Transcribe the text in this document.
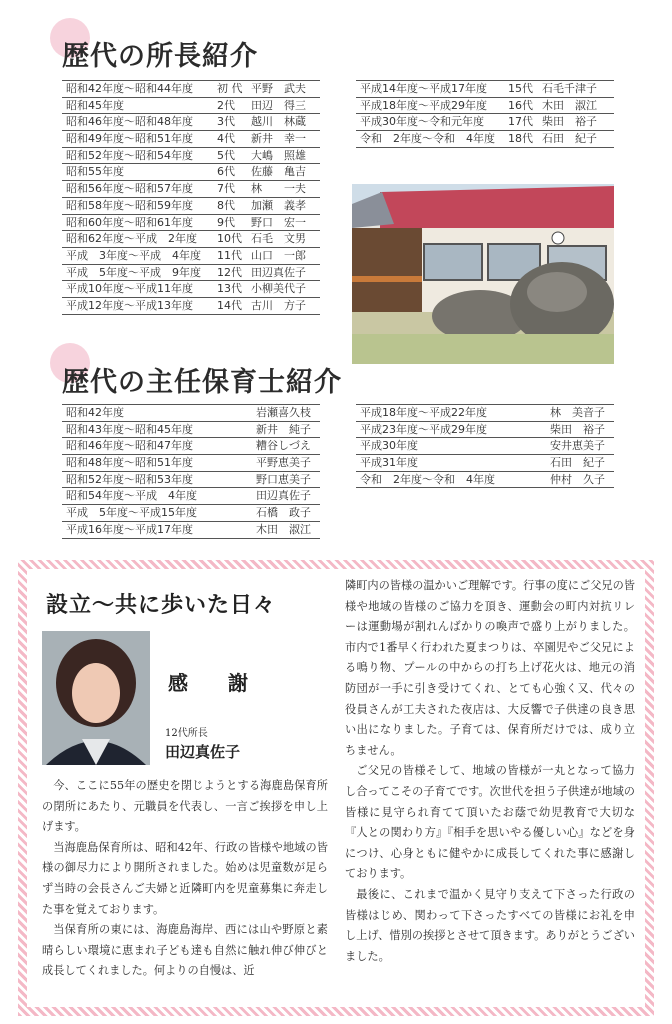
歴代の所長紹介
昭和42年度～昭和44年度	初 代 平野　武夫
昭和45年度	2代	田辺　得三
昭和46年度～昭和48年度	3代	越川　林蔵
昭和49年度～昭和51年度	4代	新井　幸一
昭和52年度～昭和54年度	5代	大嶋　照雄
昭和55年度	6代	佐藤　亀吉
昭和56年度～昭和57年度	7代	林　　一夫
昭和58年度～昭和59年度	8代	加瀬　義孝
昭和60年度～昭和61年度	9代	野口　宏一
昭和62年度～平成　2年度	10代 石毛　文男
平成　3年度～平成　4年度	11代 山口　一郎
平成　5年度～平成　9年度	12代 田辺真佐子
平成10年度～平成11年度	13代 小柳美代子
平成12年度～平成13年度	14代 古川　方子
平成14年度～平成17年度	15代 石毛千津子
平成18年度～平成29年度	16代 木田　淑江
平成30年度～令和元年度	17代 柴田　裕子
令和　2年度～令和　4年度	18代 石田　紀子
歴代の主任保育士紹介
昭和42年度	岩瀬喜久枝
昭和43年度～昭和45年度	新井　純子
昭和46年度～昭和47年度	糟谷しづえ
昭和48年度～昭和51年度	平野恵美子
昭和52年度～昭和53年度	野口恵美子
昭和54年度～平成　4年度	田辺真佐子
平成　5年度～平成15年度	石橋　政子
平成16年度～平成17年度	木田　淑江
平成18年度～平成22年度	林　美音子
平成23年度～平成29年度	柴田　裕子
平成30年度	安井恵美子
平成31年度	石田　紀子
令和　2年度～令和　4年度	仲村　久子
設立～共に歩いた日々
感　謝
12代所長
田辺真佐子

今、ここに55年の歴史を閉じようとする海鹿島保育所の閉所にあたり、元職員を代表し、一言ご挨拶を申し上げます。

当海鹿島保育所は、昭和42年、行政の皆様や地域の皆様の御尽力により開所されました。始めは児童数が足らず当時の会長さんご夫婦と近隣町内を児童募集に奔走した事を覚えております。

当保育所の東には、海鹿島海岸、西には山や野原と素晴らしい環境に恵まれ子ども達も自然に触れ伸び伸びと成長してくれました。何よりの自慢は、近

隣町内の皆様の温かいご理解です。行事の度にご父兄の皆様や地域の皆様のご協力を頂き、運動会の町内対抗リレーは運動場が割れんばかりの喚声で盛り上がりました。市内で1番早く行われた夏まつりは、卒園児やご父兄による鳴り物、プールの中からの打ち上げ花火は、地元の消防団が一手に引き受けてくれ、とても心強く又、代々の役員さんが工夫された夜店は、大反響で子供達の良き思い出になりました。子育ては、保育所だけでは、成り立ちません。

ご父兄の皆様そして、地域の皆様が一丸となって協力し合ってこその子育てです。次世代を担う子供達が地域の皆様に見守られ育てて頂いたお蔭で幼児教育で大切な『人との関わり方』『相手を思いやる優しい心』などを身につけ、心身ともに健やかに成長してくれた事に感謝しております。

最後に、これまで温かく見守り支えて下さった行政の皆様はじめ、関わって下さったすべての皆様にお礼を申し上げ、惜別の挨拶とさせて頂きます。ありがとうございました。
